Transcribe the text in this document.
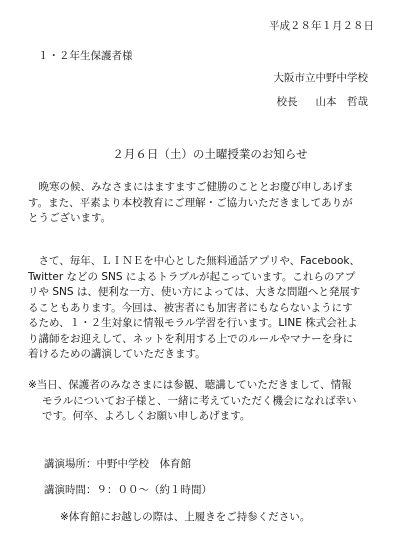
平成２８年１月２８日
１・２年生保護者様
大阪市立中野中学校
校長 山本　哲哉
２月６日（土）の土曜授業のお知らせ
　晩寒の候、みなさまにはますますご健勝のこととお慶び申しあげま
す。また、平素より本校教育にご理解・ご協力いただきましてありが
とうございます。
　さて、毎年、ＬＩＮＥを中心とした無料通話アプリや、Facebook、
Twitter などの SNS によるトラブルが起こっています。これらのアプ
リや SNS は、便利な一方、使い方によっては、大きな問題へと発展す
ることもあります。今回は、被害者にも加害者にもならないようにす
るため、１・２生対象に情報モラル学習を行います。LINE 株式会社よ
り講師をお迎えして、ネットを利用する上でのルールやマナーを身に
着けるための講演していただきます。
※当日、保護者のみなさまには参観、聴講していただきまして、情報
モラルについてお子様と、一緒に考えていただく機会になれば幸い
です。何卒、よろしくお願い申しあげます。
講演場所：中野中学校　体育館
講演時間：９：００～（約１時間）
※体育館にお越しの際は、上履きをご持参ください。
